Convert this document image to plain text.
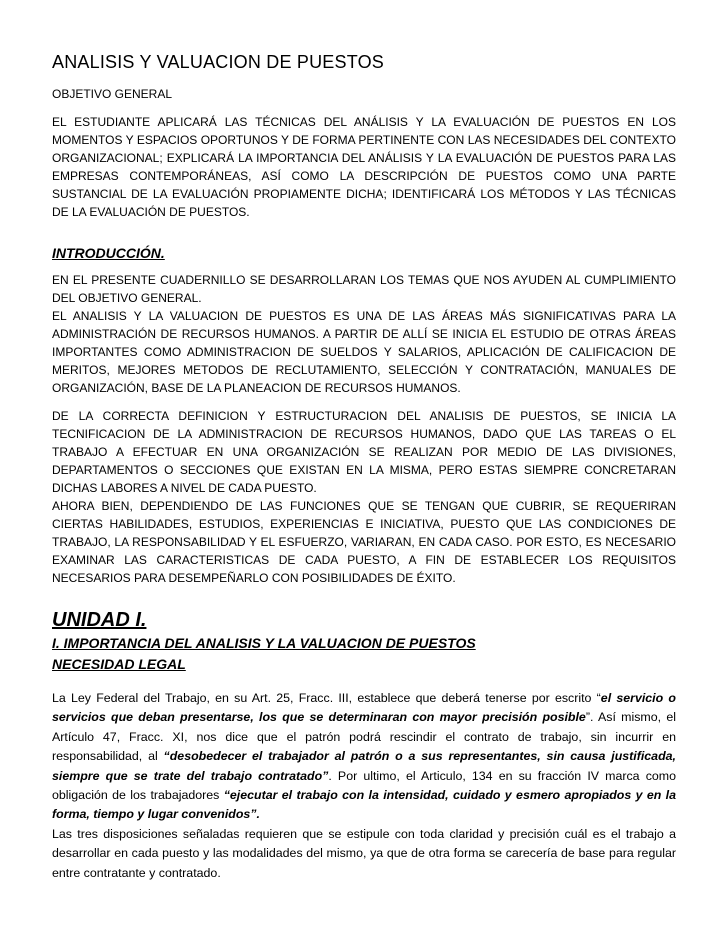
ANALISIS Y VALUACION DE PUESTOS

OBJETIVO GENERAL

EL ESTUDIANTE APLICARÁ LAS TÉCNICAS DEL ANÁLISIS Y LA EVALUACIÓN DE PUESTOS EN LOS MOMENTOS Y ESPACIOS OPORTUNOS Y DE FORMA PERTINENTE CON LAS NECESIDADES DEL CONTEXTO ORGANIZACIONAL; EXPLICARÁ LA IMPORTANCIA DEL ANÁLISIS Y LA EVALUACIÓN DE PUESTOS PARA LAS EMPRESAS CONTEMPORÁNEAS, ASÍ COMO LA DESCRIPCIÓN DE PUESTOS COMO UNA PARTE SUSTANCIAL DE LA EVALUACIÓN PROPIAMENTE DICHA; IDENTIFICARÁ LOS MÉTODOS Y LAS TÉCNICAS DE LA EVALUACIÓN DE PUESTOS.

INTRODUCCIÓN.

EN EL PRESENTE CUADERNILLO SE DESARROLLARAN LOS TEMAS QUE NOS AYUDEN AL CUMPLIMIENTO DEL OBJETIVO GENERAL.

EL ANALISIS Y LA VALUACION DE PUESTOS ES UNA DE LAS ÁREAS MÁS SIGNIFICATIVAS PARA LA ADMINISTRACIÓN DE RECURSOS HUMANOS. A PARTIR DE ALLÍ SE INICIA EL ESTUDIO DE OTRAS ÁREAS IMPORTANTES COMO ADMINISTRACION DE SUELDOS Y SALARIOS, APLICACIÓN DE CALIFICACION DE MERITOS, MEJORES METODOS DE RECLUTAMIENTO, SELECCIÓN Y CONTRATACIÓN, MANUALES DE ORGANIZACIÓN, BASE DE LA PLANEACION DE RECURSOS HUMANOS.

DE LA CORRECTA DEFINICION Y ESTRUCTURACION DEL ANALISIS DE PUESTOS, SE INICIA LA TECNIFICACION DE LA ADMINISTRACION DE RECURSOS HUMANOS, DADO QUE LAS TAREAS O EL TRABAJO A EFECTUAR EN UNA ORGANIZACIÓN SE REALIZAN POR MEDIO DE LAS DIVISIONES, DEPARTAMENTOS O SECCIONES QUE EXISTAN EN LA MISMA, PERO ESTAS SIEMPRE CONCRETARAN DICHAS LABORES A NIVEL DE CADA PUESTO.

AHORA BIEN, DEPENDIENDO DE LAS FUNCIONES QUE SE TENGAN QUE CUBRIR, SE REQUERIRAN CIERTAS HABILIDADES, ESTUDIOS, EXPERIENCIAS E INICIATIVA, PUESTO QUE LAS CONDICIONES DE TRABAJO, LA RESPONSABILIDAD Y EL ESFUERZO, VARIARAN, EN CADA CASO. POR ESTO, ES NECESARIO EXAMINAR LAS CARACTERISTICAS DE CADA PUESTO, A FIN DE ESTABLECER LOS REQUISITOS NECESARIOS PARA DESEMPEÑARLO CON POSIBILIDADES DE ÉXITO.

UNIDAD I.

I. IMPORTANCIA DEL ANALISIS Y LA VALUACION DE PUESTOS

NECESIDAD LEGAL

La Ley Federal del Trabajo, en su Art. 25, Fracc. III, establece que deberá tenerse por escrito “el servicio o servicios que deban presentarse, los que se determinaran con mayor precisión posible”. Así mismo, el Artículo 47, Fracc. XI, nos dice que el patrón podrá rescindir el contrato de trabajo, sin incurrir en responsabilidad, al “desobedecer el trabajador al patrón o a sus representantes, sin causa justificada, siempre que se trate del trabajo contratado”. Por ultimo, el Articulo, 134 en su fracción IV marca como obligación de los trabajadores “ejecutar el trabajo con la intensidad, cuidado y esmero apropiados y en la forma, tiempo y lugar convenidos”.

Las tres disposiciones señaladas requieren que se estipule con toda claridad y precisión cuál es el trabajo a desarrollar en cada puesto y las modalidades del mismo, ya que de otra forma se carecería de base para regular entre contratante y contratado.
